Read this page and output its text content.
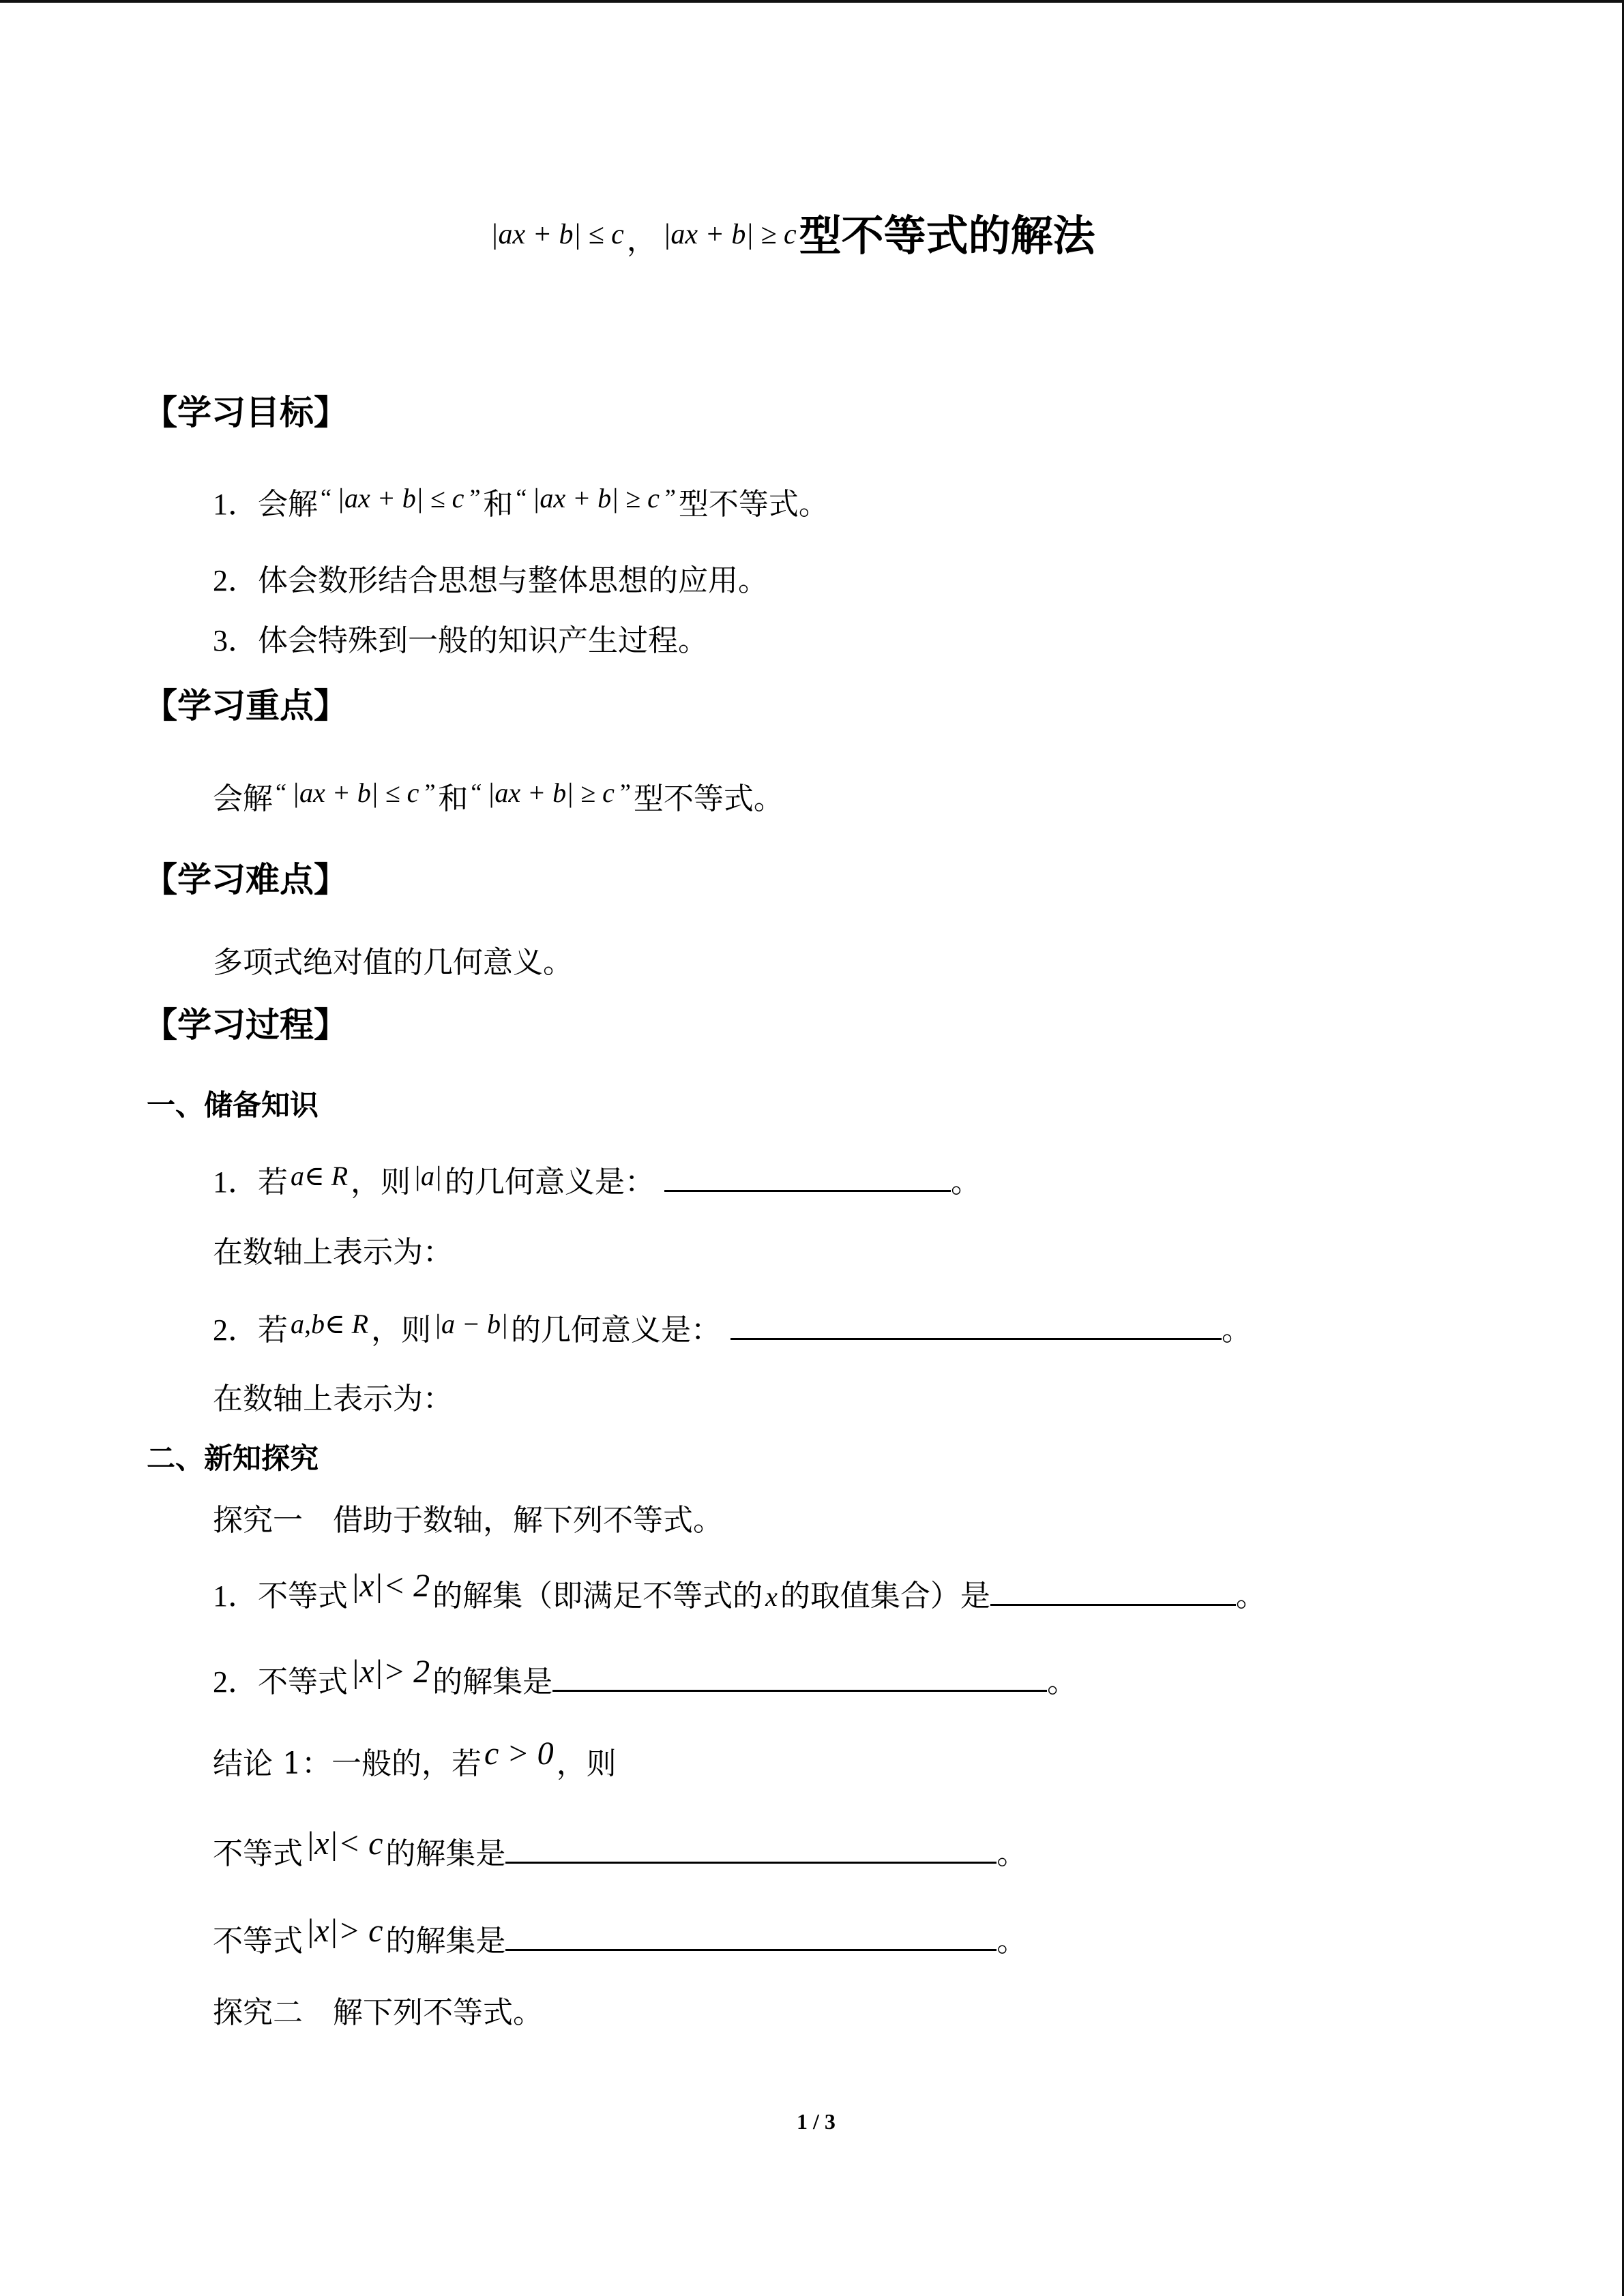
|ax + b| ≤ c， |ax + b| ≥ c型不等式的解法
【学习目标】
1．会解 “ |ax + b| ≤ c ”和 “ |ax + b| ≥ c ”型不等式。
2．体会数形结合思想与整体思想的应用。
3．体会特殊到一般的知识产生过程。
【学习重点】
会解 “ |ax + b| ≤ c ”和 “ |ax + b| ≥ c ”型不等式。
【学习难点】
多项式绝对值的几何意义。
【学习过程】
一、储备知识
1．若 a∈ R，则 |a|的几何意义是：	。
在数轴上表示为：
2．若 a,b∈ R，则 |a − b|的几何意义是：	。
在数轴上表示为：
二、新知探究
探究一 借助于数轴，解下列不等式。
1．不等式|x|< 2的解集（即满足不等式的 x的取值集合）是	。
2．不等式|x|> 2的解集是	。
结论 1：一般的，若c > 0，则
不等式|x|< c的解集是	。
不等式|x|> c的解集是	。
探究二 解下列不等式。
1 / 3
